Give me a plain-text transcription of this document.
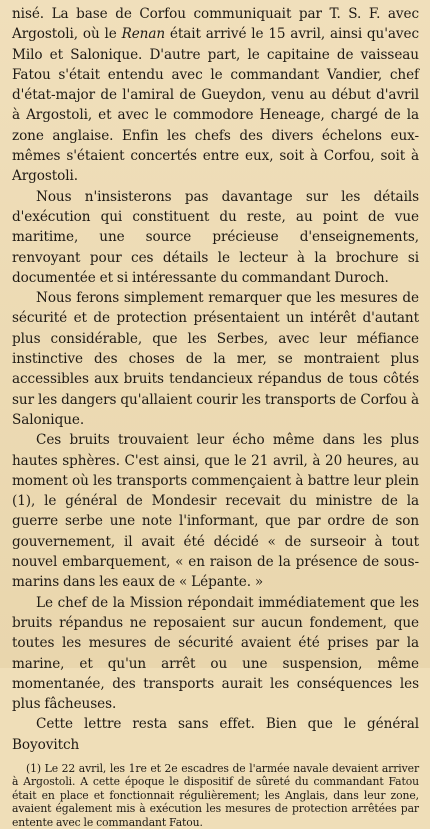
nisé. La base de Corfou communiquait par T. S. F. avec Argostoli, où le Renan était arrivé le 15 avril, ainsi qu'avec Milo et Salonique. D'autre part, le capitaine de vaisseau Fatou s'était entendu avec le commandant Vandier, chef d'état-major de l'amiral de Gueydon, venu au début d'avril à Argostoli, et avec le commodore Heneage, chargé de la zone anglaise. Enfin les chefs des divers échelons eux-mêmes s'étaient concertés entre eux, soit à Corfou, soit à Argostoli.

Nous n'insisterons pas davantage sur les détails d'exécution qui constituent du reste, au point de vue maritime, une source précieuse d'enseignements, renvoyant pour ces détails le lecteur à la brochure si documentée et si intéressante du commandant Duroch.

Nous ferons simplement remarquer que les mesures de sécurité et de protection présentaient un intérêt d'autant plus considérable, que les Serbes, avec leur méfiance instinctive des choses de la mer, se montraient plus accessibles aux bruits tendancieux répandus de tous côtés sur les dangers qu'allaient courir les transports de Corfou à Salonique.

Ces bruits trouvaient leur écho même dans les plus hautes sphères. C'est ainsi, que le 21 avril, à 20 heures, au moment où les transports commençaient à battre leur plein (1), le général de Mondesir recevait du ministre de la guerre serbe une note l'informant, que par ordre de son gouvernement, il avait été décidé « de surseoir à tout nouvel embarquement, « en raison de la présence de sous-marins dans les eaux de « Lépante. »

Le chef de la Mission répondait immédiatement que les bruits répandus ne reposaient sur aucun fondement, que toutes les mesures de sécurité avaient été prises par la marine, et qu'un arrêt ou une suspension, même momentanée, des transports aurait les conséquences les plus fâcheuses.

Cette lettre resta sans effet. Bien que le général Boyovitch

(1) Le 22 avril, les 1re et 2e escadres de l'armée navale devaient arriver à Argostoli. A cette époque le dispositif de sûreté du commandant Fatou était en place et fonctionnait régulièrement; les Anglais, dans leur zone, avaient également mis à exécution les mesures de protection arrêtées par entente avec le commandant Fatou.
